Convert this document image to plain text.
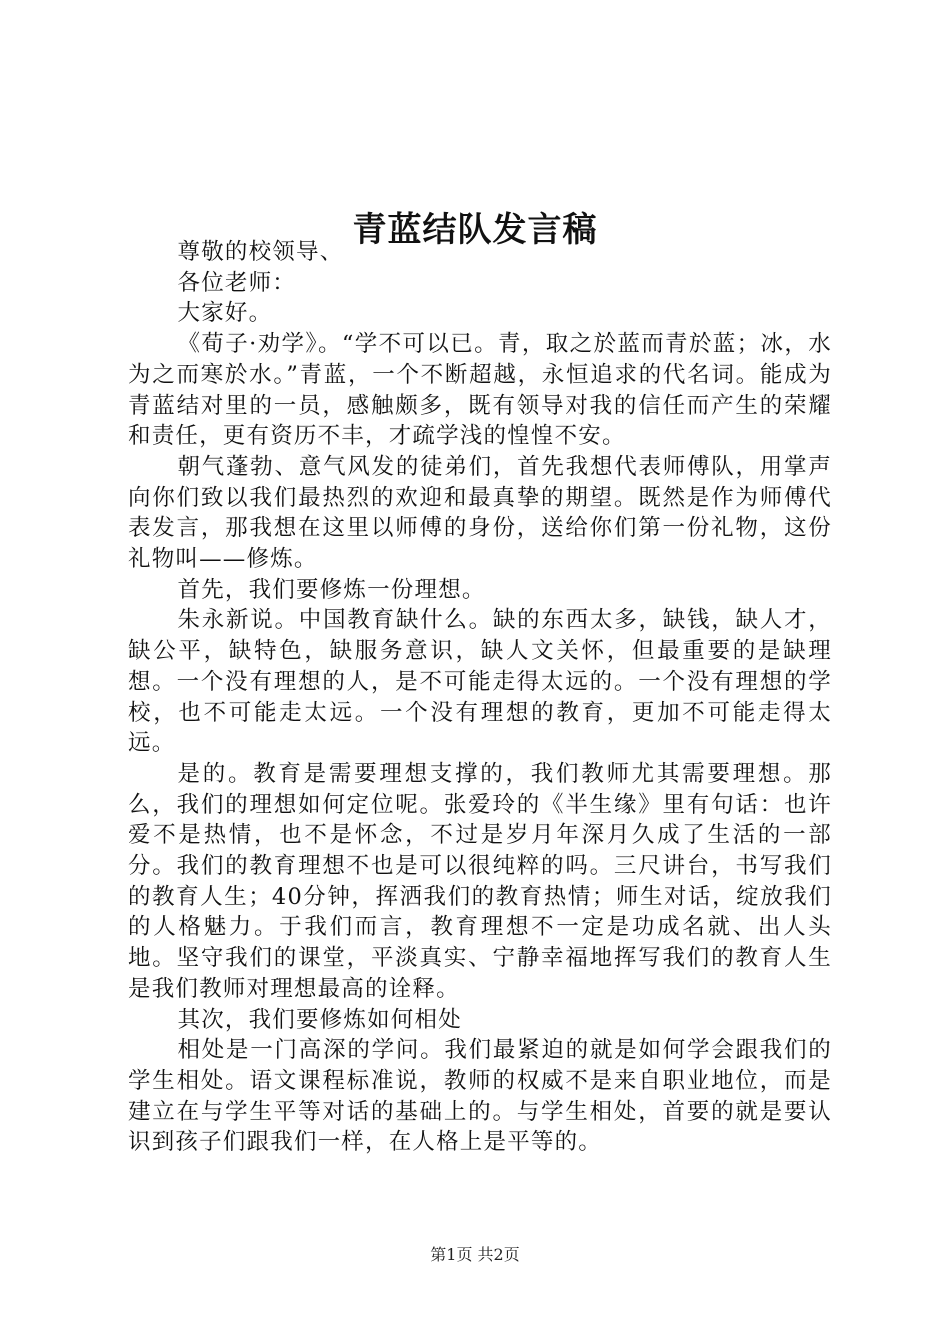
青蓝结队发言稿

尊敬的校领导、

各位老师：

大家好。

《荀子·劝学》。“学不可以已。青，取之於蓝而青於蓝；冰，水为之而寒於水。”青蓝，一个不断超越，永恒追求的代名词。能成为青蓝结对里的一员，感触颇多，既有领导对我的信任而产生的荣耀和责任，更有资历不丰，才疏学浅的惶惶不安。

朝气蓬勃、意气风发的徒弟们，首先我想代表师傅队，用掌声向你们致以我们最热烈的欢迎和最真挚的期望。既然是作为师傅代表发言，那我想在这里以师傅的身份，送给你们第一份礼物，这份礼物叫——修炼。

首先，我们要修炼一份理想。

朱永新说。中国教育缺什么。缺的东西太多，缺钱，缺人才，缺公平，缺特色，缺服务意识，缺人文关怀，但最重要的是缺理想。一个没有理想的人，是不可能走得太远的。一个没有理想的学校，也不可能走太远。一个没有理想的教育，更加不可能走得太远。

是的。教育是需要理想支撑的，我们教师尤其需要理想。那么，我们的理想如何定位呢。张爱玲的《半生缘》里有句话：也许爱不是热情，也不是怀念，不过是岁月年深月久成了生活的一部分。我们的教育理想不也是可以很纯粹的吗。三尺讲台，书写我们的教育人生；40分钟，挥洒我们的教育热情；师生对话，绽放我们的人格魅力。于我们而言，教育理想不一定是功成名就、出人头地。坚守我们的课堂，平淡真实、宁静幸福地挥写我们的教育人生是我们教师对理想最高的诠释。

其次，我们要修炼如何相处

相处是一门高深的学问。我们最紧迫的就是如何学会跟我们的学生相处。语文课程标准说，教师的权威不是来自职业地位，而是建立在与学生平等对话的基础上的。与学生相处，首要的就是要认识到孩子们跟我们一样，在人格上是平等的。

第1页 共2页
